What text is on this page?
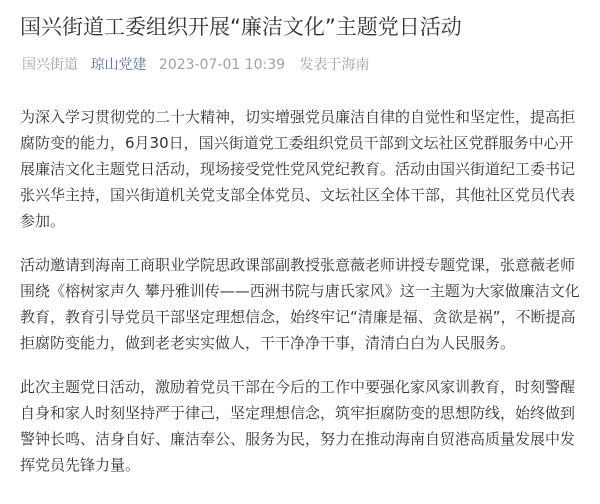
国兴街道工委组织开展“廉洁文化”主题党日活动
国兴街道 琼山党建 2023-07-01 10:39 发表于海南

为深入学习贯彻党的二十大精神，切实增强党员廉洁自律的自觉性和坚定性，提高拒腐防变的能力，6月30日，国兴街道党工委组织党员干部到文坛社区党群服务中心开展廉洁文化主题党日活动，现场接受党性党风党纪教育。活动由国兴街道纪工委书记张兴华主持，国兴街道机关党支部全体党员、文坛社区全体干部，其他社区党员代表参加。

活动邀请到海南工商职业学院思政课部副教授张意薇老师讲授专题党课，张意薇老师围绕《榕树家声久 攀丹雅训传——西洲书院与唐氏家风》这一主题为大家做廉洁文化教育，教育引导党员干部坚定理想信念，始终牢记“清廉是福、贪欲是祸”，不断提高拒腐防变能力，做到老老实实做人，干干净净干事，清清白白为人民服务。

此次主题党日活动，激励着党员干部在今后的工作中要强化家风家训教育，时刻警醒自身和家人时刻坚持严于律己，坚定理想信念，筑牢拒腐防变的思想防线，始终做到警钟长鸣、洁身自好、廉洁奉公、服务为民，努力在推动海南自贸港高质量发展中发挥党员先锋力量。
